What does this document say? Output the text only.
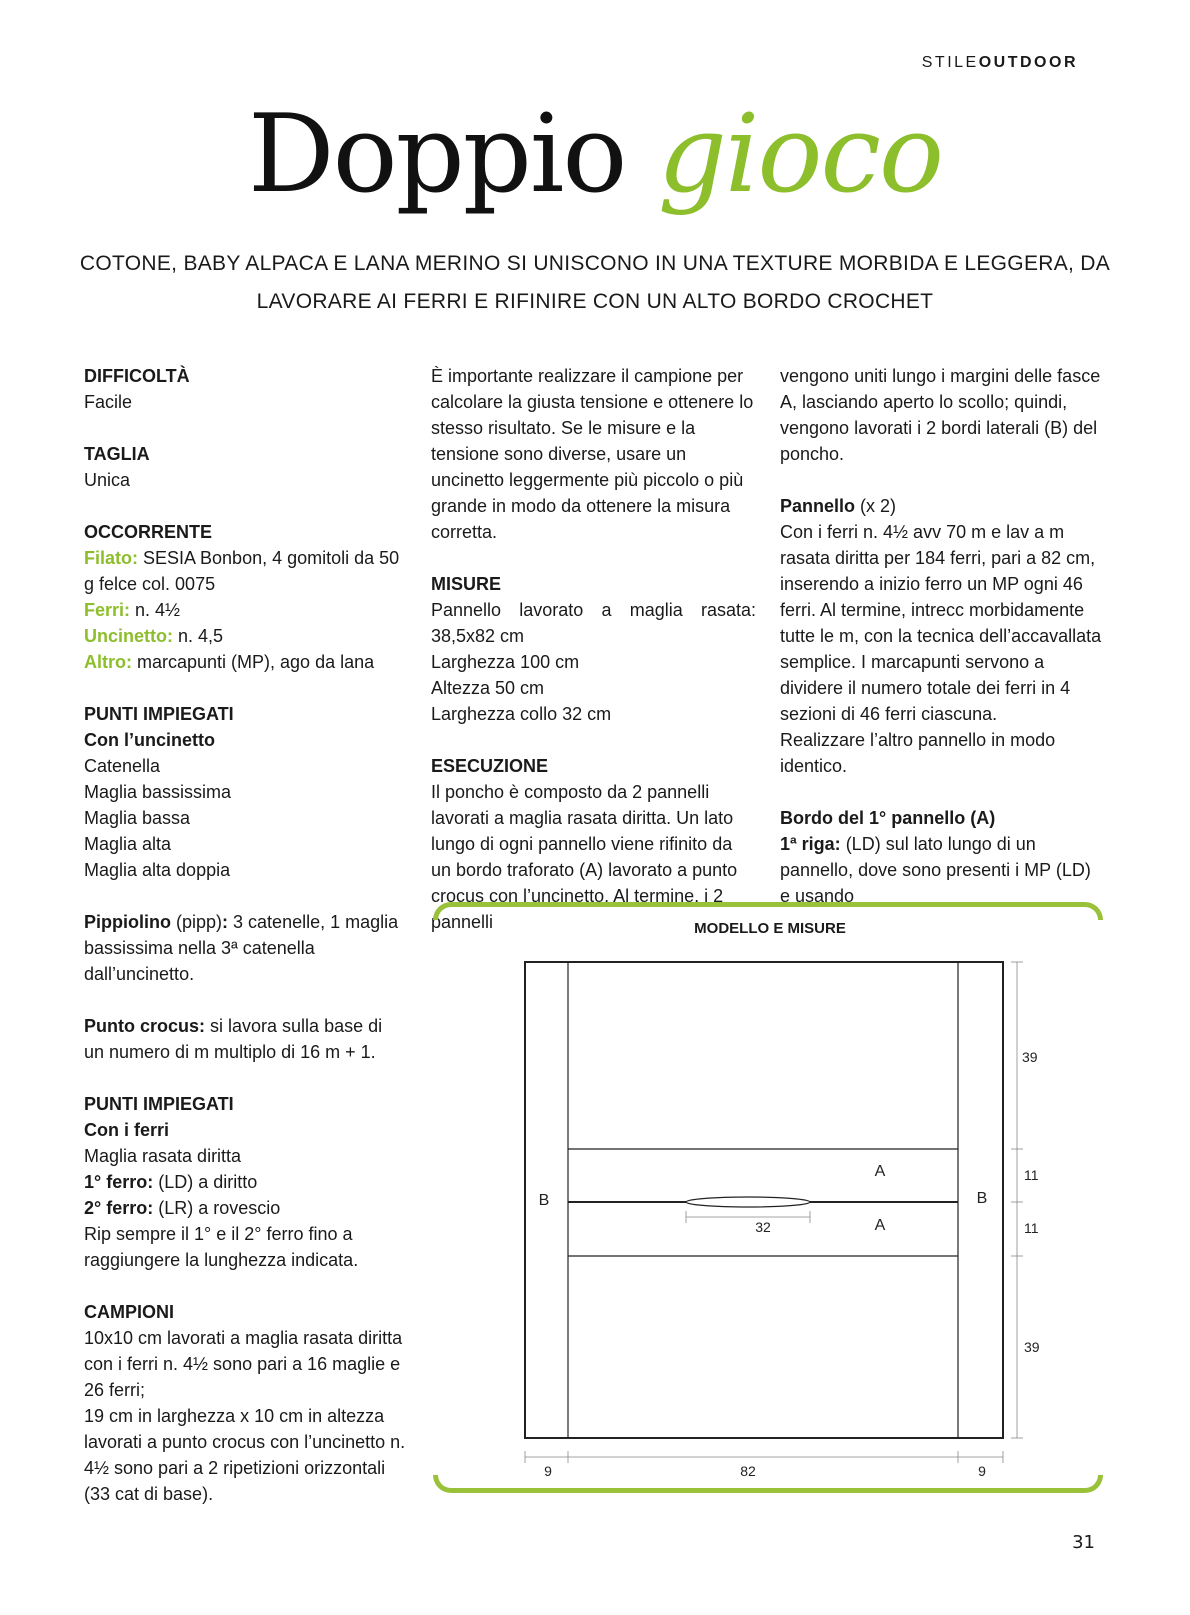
STILEOUTDOOR
Doppio gioco
COTONE, BABY ALPACA E LANA MERINO SI UNISCONO IN UNA TEXTURE MORBIDA E LEGGERA, DA LAVORARE AI FERRI E RIFINIRE CON UN ALTO BORDO CROCHET

DIFFICOLTÀ

Facile

TAGLIA

Unica

OCCORRENTE

Filato: SESIA Bonbon, 4 gomitoli da 50 g felce col. 0075

Ferri: n. 4½

Uncinetto: n. 4,5

Altro: marcapunti (MP), ago da lana

PUNTI IMPIEGATI

Con l’uncinetto

Catenella

Maglia bassissima

Maglia bassa

Maglia alta

Maglia alta doppia

Pippiolino (pipp): 3 catenelle, 1 maglia bassissima nella 3ª catenella dall’uncinetto.

Punto crocus: si lavora sulla base di un numero di m multiplo di 16 m + 1.

PUNTI IMPIEGATI

Con i ferri

Maglia rasata diritta

1° ferro: (LD) a diritto

2° ferro: (LR) a rovescio

Rip sempre il 1° e il 2° ferro fino a raggiungere la lunghezza indicata.

CAMPIONI

10x10 cm lavorati a maglia rasata diritta con i ferri n. 4½ sono pari a 16 maglie e 26 ferri;

19 cm in larghezza x 10 cm in altezza lavorati a punto crocus con l’uncinetto n. 4½ sono pari a 2 ripetizioni orizzontali (33 cat di base).

È importante realizzare il campione per calcolare la giusta tensione e ottenere lo stesso risultato. Se le misure e la tensione sono diverse, usare un uncinetto leggermente più piccolo o più grande in modo da ottenere la misura corretta.

MISURE

Pannello lavorato a maglia rasata: 38,5x82 cm

Larghezza 100 cm

Altezza 50 cm

Larghezza collo 32 cm

ESECUZIONE

Il poncho è composto da 2 pannelli lavorati a maglia rasata diritta. Un lato lungo di ogni pannello viene rifinito da un bordo traforato (A) lavorato a punto crocus con l’uncinetto. Al termine, i 2 pannelli

vengono uniti lungo i margini delle fasce A, lasciando aperto lo scollo; quindi, vengono lavorati i 2 bordi laterali (B) del poncho.

Pannello (x 2)

Con i ferri n. 4½ avv 70 m e lav a m rasata diritta per 184 ferri, pari a 82 cm, inserendo a inizio ferro un MP ogni 46 ferri. Al termine, intrecc morbidamente tutte le m, con la tecnica dell’accavallata semplice. I marcapunti servono a dividere il numero totale dei ferri in 4 sezioni di 46 ferri ciascuna.

Realizzare l’altro pannello in modo identico.

Bordo del 1° pannello (A)

1ª riga: (LD) sul lato lungo di un pannello, dove sono presenti i MP (LD) e usando

MODELLO E MISURE
32
B	B
A
A
39
11
11
39
9	82	9
31
